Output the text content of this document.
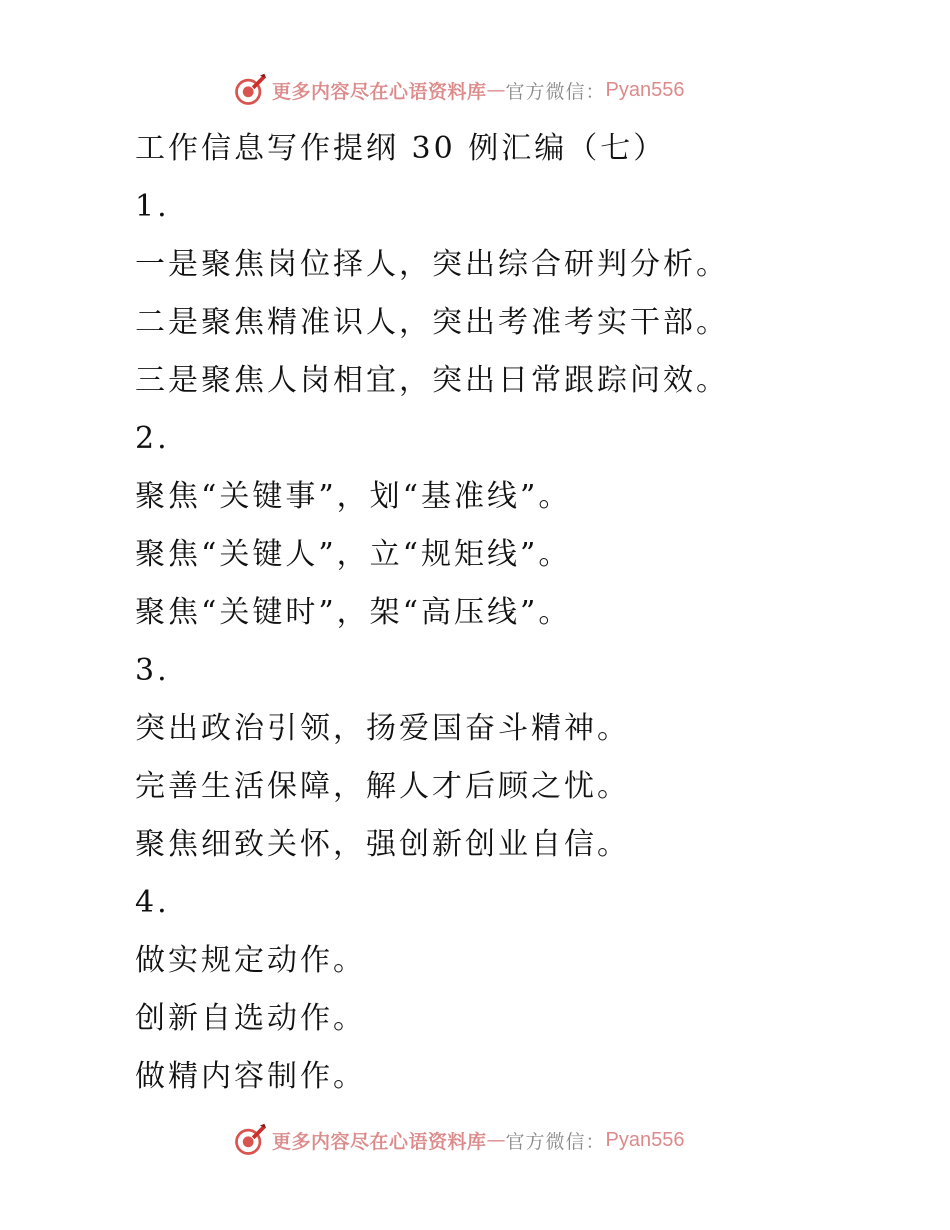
更多内容尽在心语资料库 — 官方微信： Pyan556
工作信息写作提纲 30 例汇编（七）
1.
一是聚焦岗位择人，突出综合研判分析。
二是聚焦精准识人，突出考准考实干部。
三是聚焦人岗相宜，突出日常跟踪问效。
2.
聚焦“关键事”，划“基准线”。
聚焦“关键人”，立“规矩线”。
聚焦“关键时”，架“高压线”。
3.
突出政治引领，扬爱国奋斗精神。
完善生活保障，解人才后顾之忧。
聚焦细致关怀，强创新创业自信。
4.
做实规定动作。
创新自选动作。
做精内容制作。
更多内容尽在心语资料库 — 官方微信： Pyan556
